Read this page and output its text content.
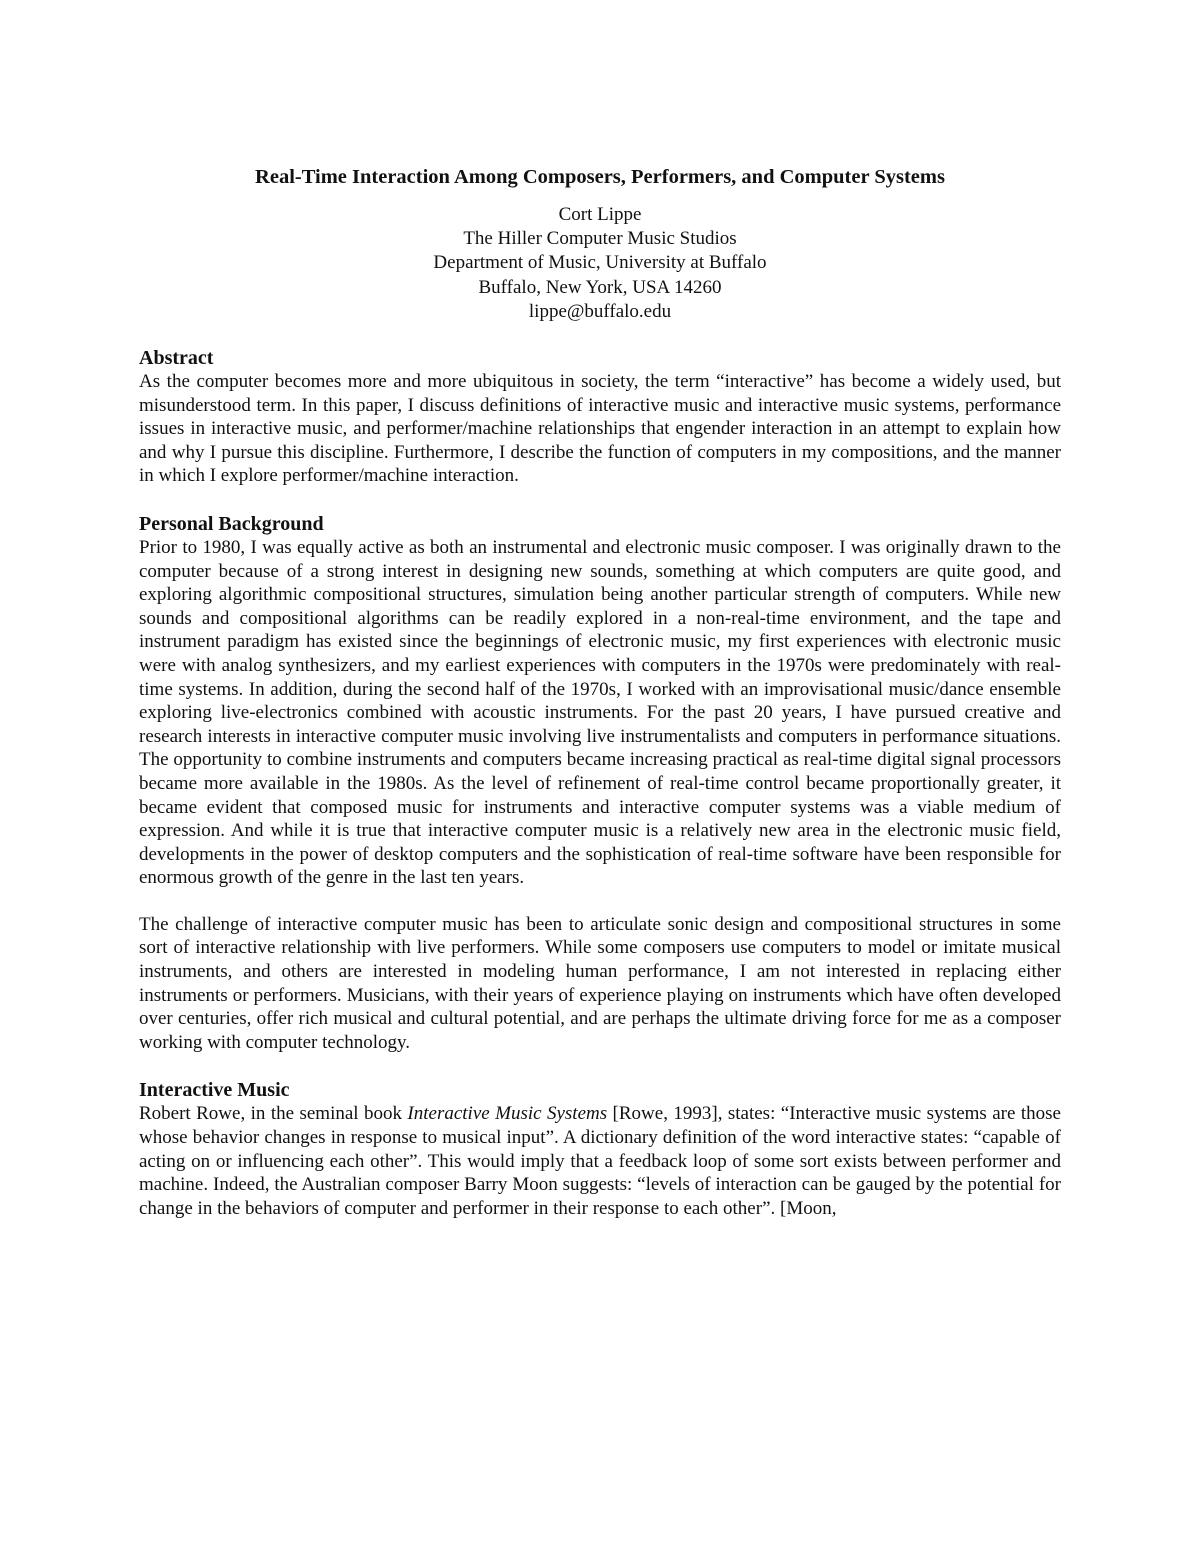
Real-Time Interaction Among Composers, Performers, and Computer Systems
Cort Lippe
The Hiller Computer Music Studios
Department of Music, University at Buffalo
Buffalo, New York, USA 14260
lippe@buffalo.edu
Abstract

As the computer becomes more and more ubiquitous in society, the term “interactive” has become a widely used, but misunderstood term. In this paper, I discuss definitions of interactive music and interactive music systems, performance issues in interactive music, and performer/machine relationships that engender interaction in an attempt to explain how and why I pursue this discipline. Furthermore, I describe the function of computers in my compositions, and the manner in which I explore performer/machine interaction.

Personal Background

Prior to 1980, I was equally active as both an instrumental and electronic music composer. I was originally drawn to the computer because of a strong interest in designing new sounds, something at which computers are quite good, and exploring algorithmic compositional structures, simulation being another particular strength of computers. While new sounds and compositional algorithms can be readily explored in a non-real-time environment, and the tape and instrument paradigm has existed since the beginnings of electronic music, my first experiences with electronic music were with analog synthesizers, and my earliest experiences with computers in the 1970s were predominately with real-time systems. In addition, during the second half of the 1970s, I worked with an improvisational music/dance ensemble exploring live-electronics combined with acoustic instruments. For the past 20 years, I have pursued creative and research interests in interactive computer music involving live instrumentalists and computers in performance situations. The opportunity to combine instruments and computers became increasing practical as real-time digital signal processors became more available in the 1980s. As the level of refinement of real-time control became proportionally greater, it became evident that composed music for instruments and interactive computer systems was a viable medium of expression. And while it is true that interactive computer music is a relatively new area in the electronic music field, developments in the power of desktop computers and the sophistication of real-time software have been responsible for enormous growth of the genre in the last ten years.

The challenge of interactive computer music has been to articulate sonic design and compositional structures in some sort of interactive relationship with live performers. While some composers use computers to model or imitate musical instruments, and others are interested in modeling human performance, I am not interested in replacing either instruments or performers. Musicians, with their years of experience playing on instruments which have often developed over centuries, offer rich musical and cultural potential, and are perhaps the ultimate driving force for me as a composer working with computer technology.

Interactive Music

Robert Rowe, in the seminal book Interactive Music Systems [Rowe, 1993], states: “Interactive music systems are those whose behavior changes in response to musical input”. A dictionary definition of the word interactive states: “capable of acting on or influencing each other”. This would imply that a feedback loop of some sort exists between performer and machine. Indeed, the Australian composer Barry Moon suggests: “levels of interaction can be gauged by the potential for change in the behaviors of computer and performer in their response to each other”. [Moon,
